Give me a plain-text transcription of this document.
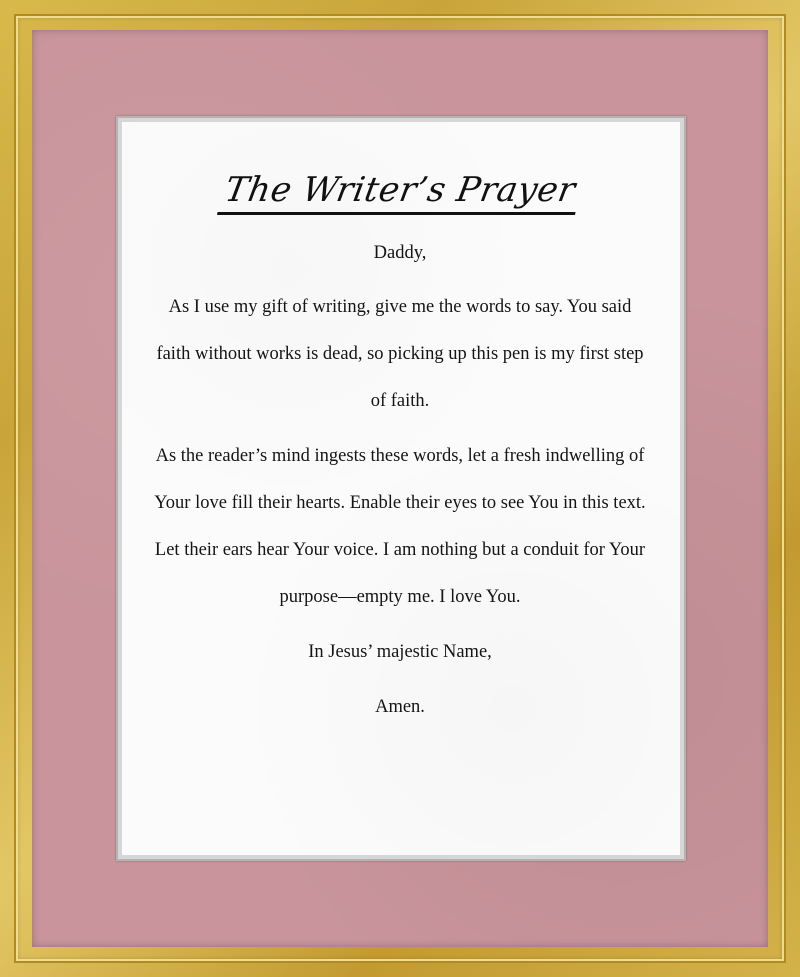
The Writer’s Prayer

Daddy,

As I use my gift of writing, give me the words to say. You said faith without works is dead, so picking up this pen is my first step of faith.

As the reader’s mind ingests these words, let a fresh indwelling of Your love fill their hearts. Enable their eyes to see You in this text. Let their ears hear Your voice. I am nothing but a conduit for Your purpose—empty me. I love You.

In Jesus’ majestic Name,

Amen.
